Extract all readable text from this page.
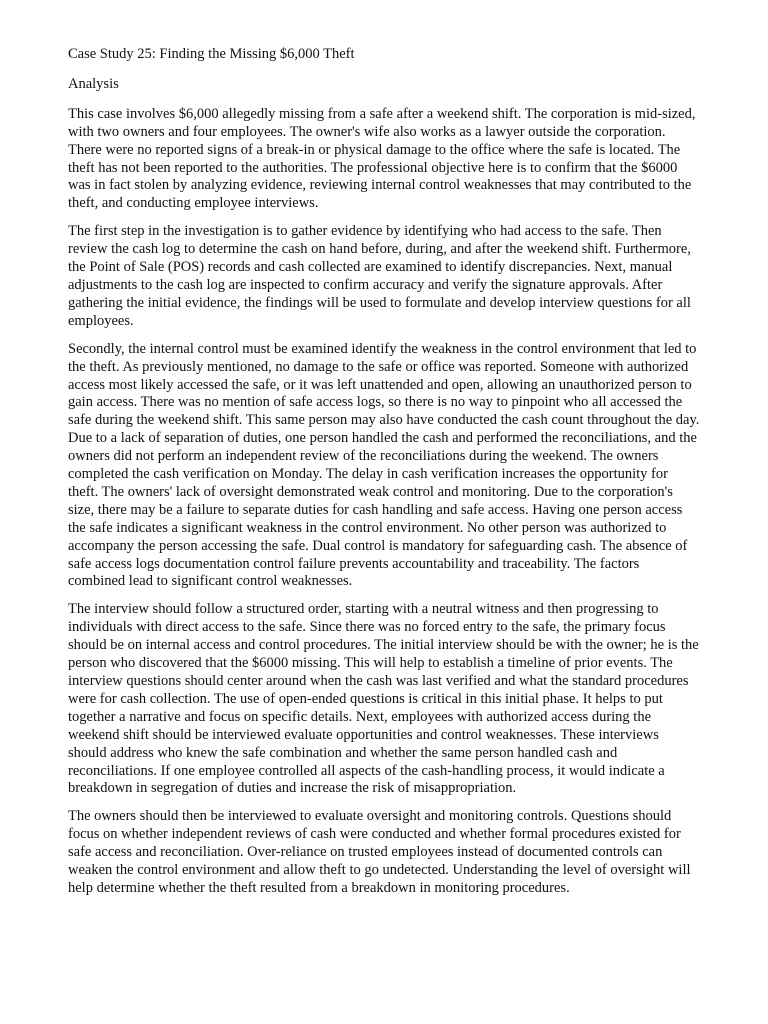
Case Study 25: Finding the Missing $6,000 Theft
Analysis

This case involves $6,000 allegedly missing from a safe after a weekend shift. The corporation is mid-sized, with two owners and four employees. The owner's wife also works as a lawyer outside the corporation. There were no reported signs of a break-in or physical damage to the office where the safe is located. The theft has not been reported to the authorities. The professional objective here is to confirm that the $6000 was in fact stolen by analyzing evidence, reviewing internal control weaknesses that may contributed to the theft, and conducting employee interviews.

The first step in the investigation is to gather evidence by identifying who had access to the safe. Then review the cash log to determine the cash on hand before, during, and after the weekend shift. Furthermore, the Point of Sale (POS) records and cash collected are examined to identify discrepancies. Next, manual adjustments to the cash log are inspected to confirm accuracy and verify the signature approvals. After gathering the initial evidence, the findings will be used to formulate and develop interview questions for all employees.

Secondly, the internal control must be examined identify the weakness in the control environment that led to the theft. As previously mentioned, no damage to the safe or office was reported. Someone with authorized access most likely accessed the safe, or it was left unattended and open, allowing an unauthorized person to gain access. There was no mention of safe access logs, so there is no way to pinpoint who all accessed the safe during the weekend shift. This same person may also have conducted the cash count throughout the day. Due to a lack of separation of duties, one person handled the cash and performed the reconciliations, and the owners did not perform an independent review of the reconciliations during the weekend. The owners completed the cash verification on Monday. The delay in cash verification increases the opportunity for theft. The owners' lack of oversight demonstrated weak control and monitoring. Due to the corporation's size, there may be a failure to separate duties for cash handling and safe access. Having one person access the safe indicates a significant weakness in the control environment. No other person was authorized to accompany the person accessing the safe. Dual control is mandatory for safeguarding cash. The absence of safe access logs documentation control failure prevents accountability and traceability. The factors combined lead to significant control weaknesses.

The interview should follow a structured order, starting with a neutral witness and then progressing to individuals with direct access to the safe. Since there was no forced entry to the safe, the primary focus should be on internal access and control procedures. The initial interview should be with the owner; he is the person who discovered that the $6000 missing. This will help to establish a timeline of prior events. The interview questions should center around when the cash was last verified and what the standard procedures were for cash collection. The use of open-ended questions is critical in this initial phase. It helps to put together a narrative and focus on specific details. Next, employees with authorized access during the weekend shift should be interviewed evaluate opportunities and control weaknesses. These interviews should address who knew the safe combination and whether the same person handled cash and reconciliations. If one employee controlled all aspects of the cash-handling process, it would indicate a breakdown in segregation of duties and increase the risk of misappropriation.

The owners should then be interviewed to evaluate oversight and monitoring controls. Questions should focus on whether independent reviews of cash were conducted and whether formal procedures existed for safe access and reconciliation. Over-reliance on trusted employees instead of documented controls can weaken the control environment and allow theft to go undetected. Understanding the level of oversight will help determine whether the theft resulted from a breakdown in monitoring procedures.
